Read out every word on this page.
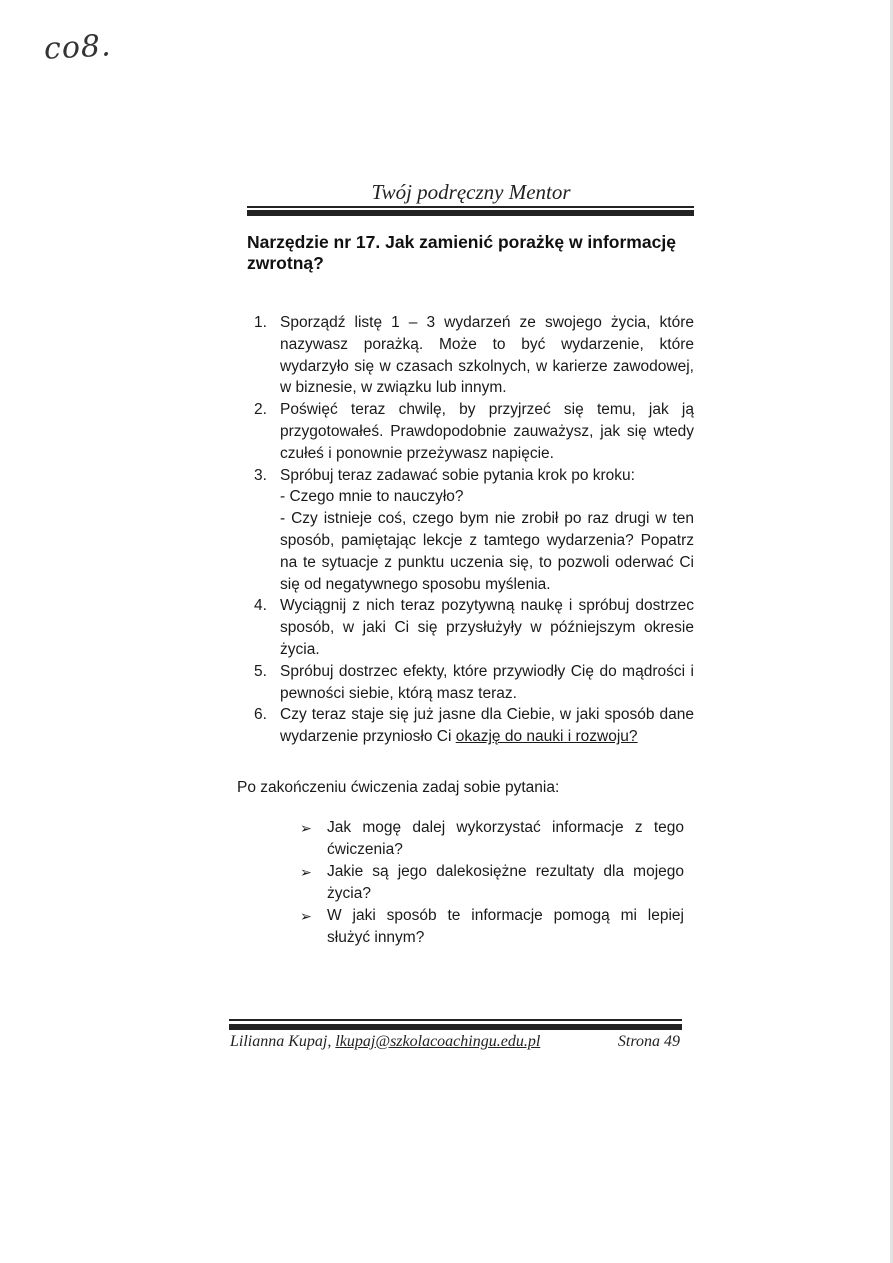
co8.
Twój podręczny Mentor
Narzędzie nr 17. Jak zamienić porażkę w informację zwrotną?
1. Sporządź listę 1 – 3 wydarzeń ze swojego życia, które nazywasz porażką. Może to być wydarzenie, które wydarzyło się w czasach szkolnych, w karierze zawodowej, w biznesie, w związku lub innym.
2. Poświęć teraz chwilę, by przyjrzeć się temu, jak ją przygotowałeś. Prawdopodobnie zauważysz, jak się wtedy czułeś i ponownie przeżywasz napięcie.
3. Spróbuj teraz zadawać sobie pytania krok po kroku:
- Czego mnie to nauczyło?
- Czy istnieje coś, czego bym nie zrobił po raz drugi w ten sposób, pamiętając lekcje z tamtego wydarzenia? Popatrz na te sytuacje z punktu uczenia się, to pozwoli oderwać Ci się od negatywnego sposobu myślenia.
4. Wyciągnij z nich teraz pozytywną naukę i spróbuj dostrzec sposób, w jaki Ci się przysłużyły w późniejszym okresie życia.
5. Spróbuj dostrzec efekty, które przywiodły Cię do mądrości i pewności siebie, którą masz teraz.
6. Czy teraz staje się już jasne dla Ciebie, w jaki sposób dane wydarzenie przyniosło Ci okazję do nauki i rozwoju?

Po zakończeniu ćwiczenia zadaj sobie pytania:

➢ Jak mogę dalej wykorzystać informacje z tego ćwiczenia?
➢ Jakie są jego dalekosiężne rezultaty dla mojego życia?
➢ W jaki sposób te informacje pomogą mi lepiej służyć innym?
Lilianna Kupaj, lkupaj@szkolacoachingu.edu.pl	Strona 49
